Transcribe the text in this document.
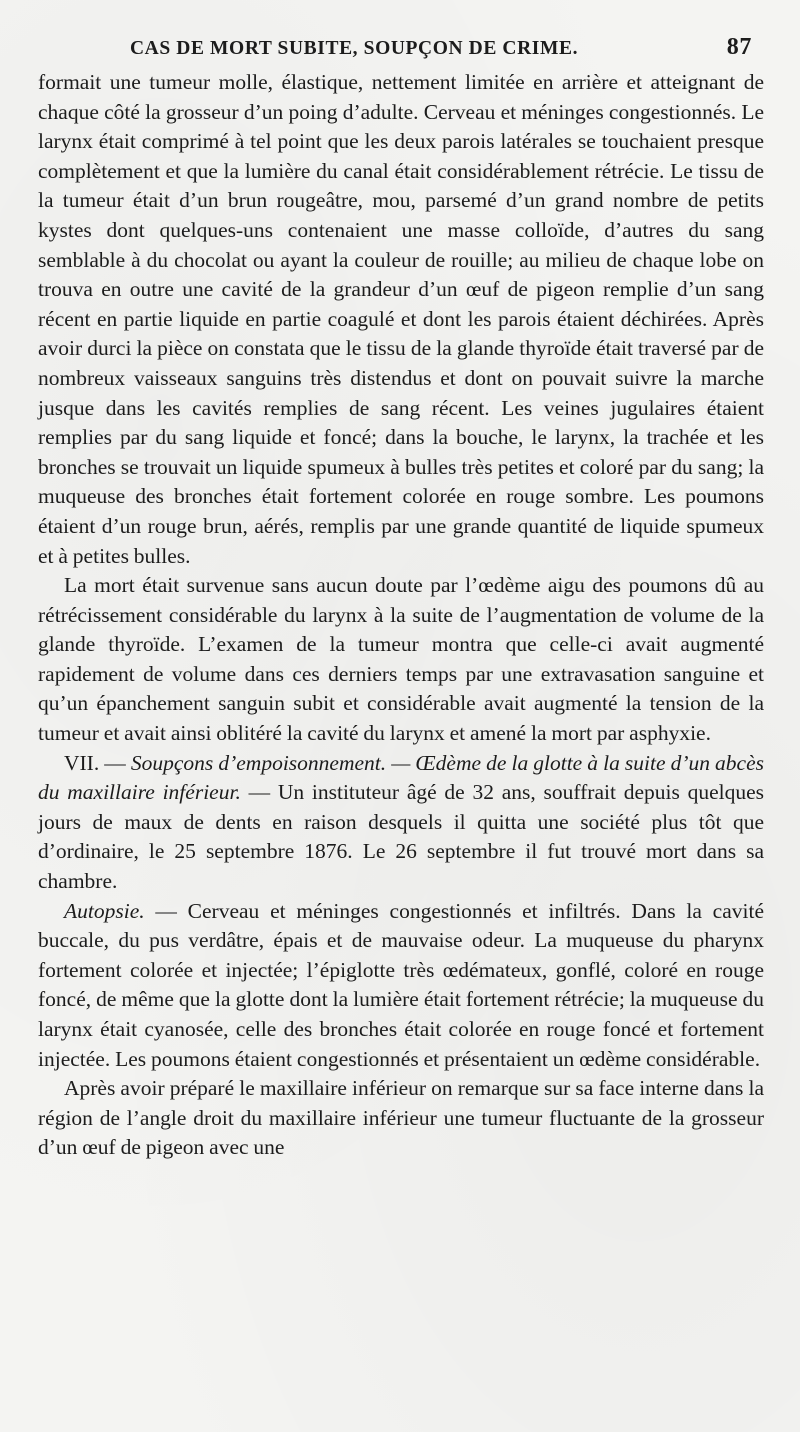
CAS DE MORT SUBITE, SOUPÇON DE CRIME.	87

formait une tumeur molle, élastique, nettement limitée en arrière et atteignant de chaque côté la grosseur d’un poing d’adulte. Cerveau et méninges congestionnés. Le larynx était comprimé à tel point que les deux parois latérales se touchaient presque complètement et que la lumière du canal était considérablement rétrécie. Le tissu de la tumeur était d’un brun rougeâtre, mou, parsemé d’un grand nombre de petits kystes dont quelques-uns contenaient une masse colloïde, d’autres du sang semblable à du chocolat ou ayant la couleur de rouille; au milieu de chaque lobe on trouva en outre une cavité de la grandeur d’un œuf de pigeon remplie d’un sang récent en partie liquide en partie coagulé et dont les parois étaient déchirées. Après avoir durci la pièce on constata que le tissu de la glande thyroïde était traversé par de nombreux vaisseaux sanguins très distendus et dont on pouvait suivre la marche jusque dans les cavités remplies de sang récent. Les veines jugulaires étaient remplies par du sang liquide et foncé; dans la bouche, le larynx, la trachée et les bronches se trouvait un liquide spumeux à bulles très petites et coloré par du sang; la muqueuse des bronches était fortement colorée en rouge sombre. Les poumons étaient d’un rouge brun, aérés, remplis par une grande quantité de liquide spumeux et à petites bulles.

La mort était survenue sans aucun doute par l’œdème aigu des poumons dû au rétrécissement considérable du larynx à la suite de l’augmentation de volume de la glande thyroïde. L’examen de la tumeur montra que celle-ci avait augmenté rapidement de volume dans ces derniers temps par une extravasation sanguine et qu’un épanchement sanguin subit et considérable avait augmenté la tension de la tumeur et avait ainsi oblitéré la cavité du larynx et amené la mort par asphyxie.

VII. — Soupçons d’empoisonnement. — Œdème de la glotte à la suite d’un abcès du maxillaire inférieur. — Un instituteur âgé de 32 ans, souffrait depuis quelques jours de maux de dents en raison desquels il quitta une société plus tôt que d’ordinaire, le 25 septembre 1876. Le 26 septembre il fut trouvé mort dans sa chambre.

Autopsie. — Cerveau et méninges congestionnés et infiltrés. Dans la cavité buccale, du pus verdâtre, épais et de mauvaise odeur. La muqueuse du pharynx fortement colorée et injectée; l’épiglotte très œdémateux, gonflé, coloré en rouge foncé, de même que la glotte dont la lumière était fortement rétrécie; la muqueuse du larynx était cyanosée, celle des bronches était colorée en rouge foncé et fortement injectée. Les poumons étaient congestionnés et présentaient un œdème considérable.

Après avoir préparé le maxillaire inférieur on remarque sur sa face interne dans la région de l’angle droit du maxillaire inférieur une tumeur fluctuante de la grosseur d’un œuf de pigeon avec une
